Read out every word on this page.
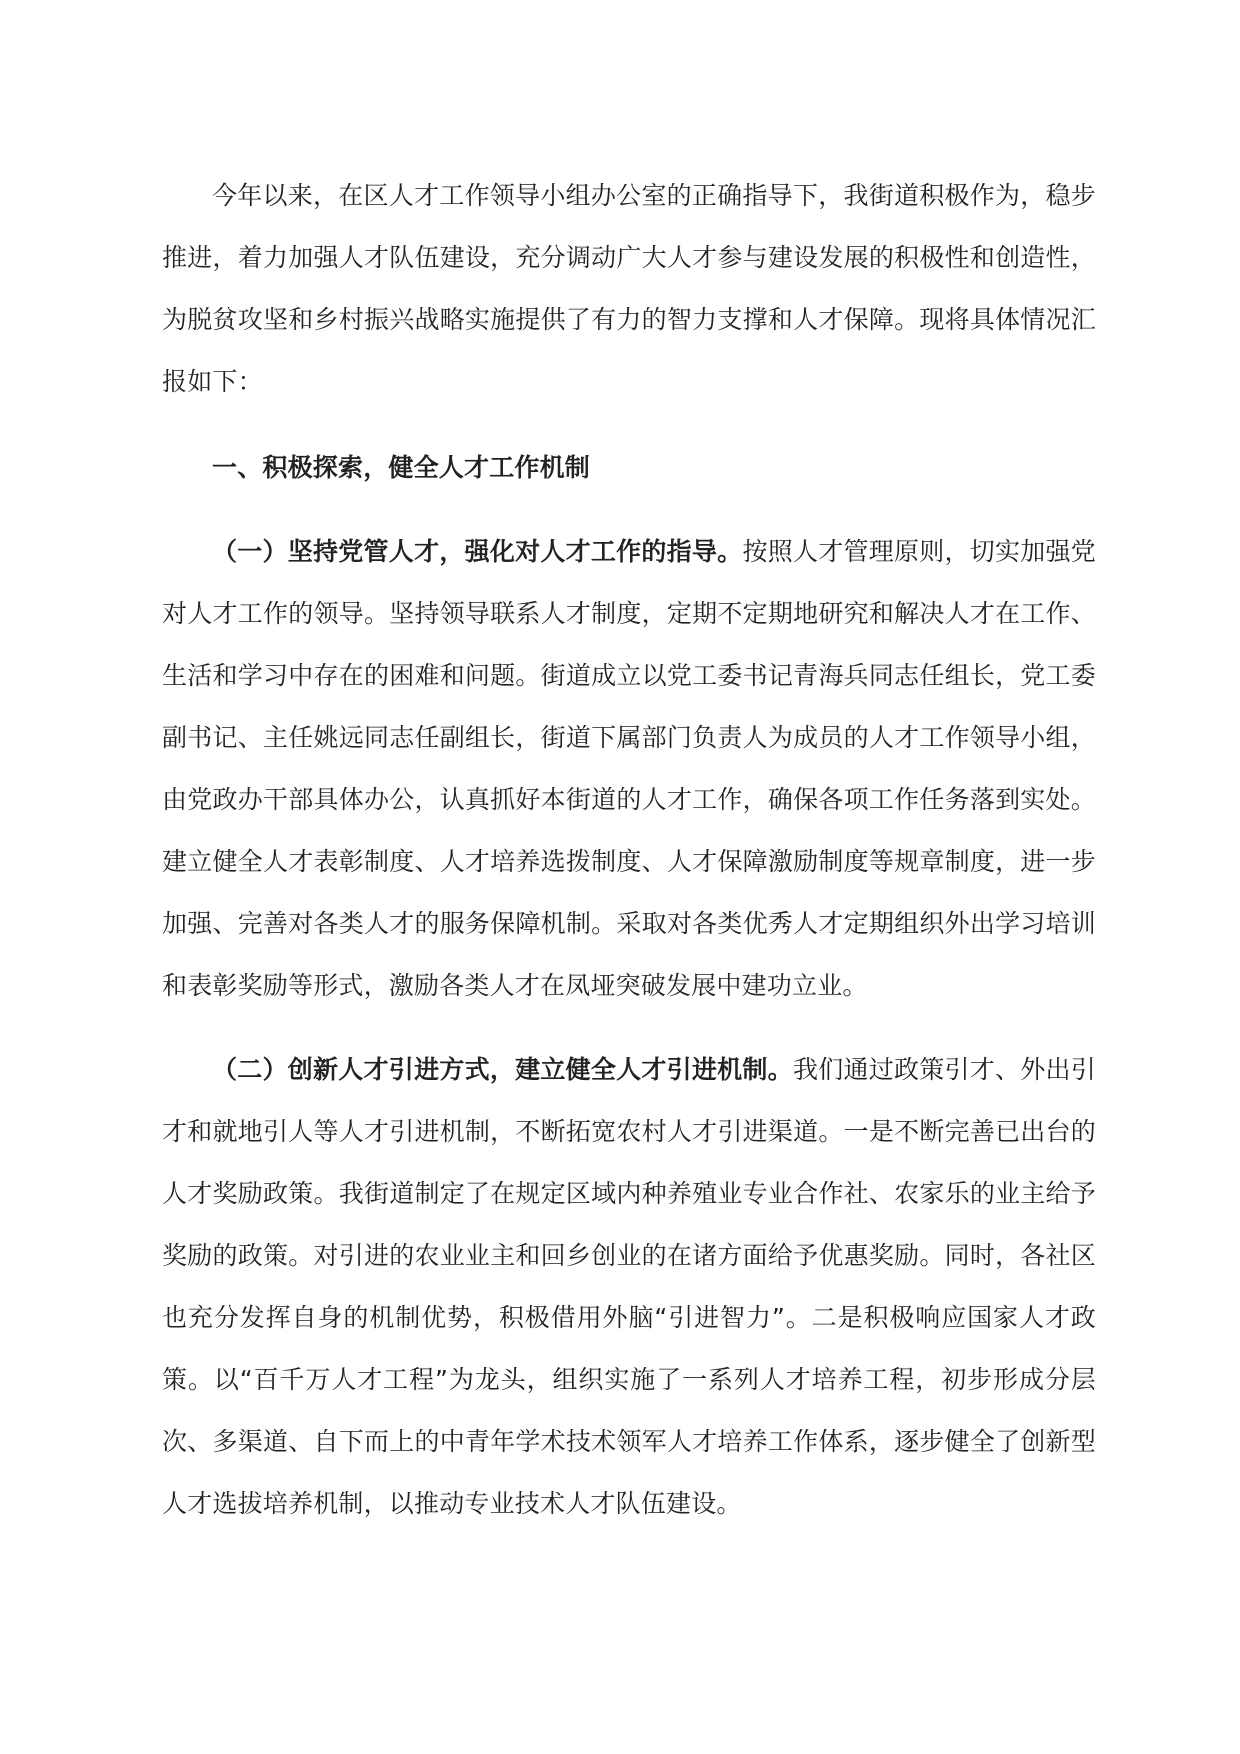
今年以来，在区人才工作领导小组办公室的正确指导下，我街道积极作为，稳步推进，着力加强人才队伍建设，充分调动广大人才参与建设发展的积极性和创造性，为脱贫攻坚和乡村振兴战略实施提供了有力的智力支撑和人才保障。现将具体情况汇报如下：

一、积极探索，健全人才工作机制

（一）坚持党管人才，强化对人才工作的指导。按照人才管理原则，切实加强党对人才工作的领导。坚持领导联系人才制度，定期不定期地研究和解决人才在工作、生活和学习中存在的困难和问题。街道成立以党工委书记青海兵同志任组长，党工委副书记、主任姚远同志任副组长，街道下属部门负责人为成员的人才工作领导小组，由党政办干部具体办公，认真抓好本街道的人才工作，确保各项工作任务落到实处。建立健全人才表彰制度、人才培养选拨制度、人才保障激励制度等规章制度，进一步加强、完善对各类人才的服务保障机制。采取对各类优秀人才定期组织外出学习培训和表彰奖励等形式，激励各类人才在凤垭突破发展中建功立业。

（二）创新人才引进方式，建立健全人才引进机制。我们通过政策引才、外出引才和就地引人等人才引进机制，不断拓宽农村人才引进渠道。一是不断完善已出台的人才奖励政策。我街道制定了在规定区域内种养殖业专业合作社、农家乐的业主给予奖励的政策。对引进的农业业主和回乡创业的在诸方面给予优惠奖励。同时，各社区也充分发挥自身的机制优势，积极借用外脑“引进智力”。二是积极响应国家人才政策。以“百千万人才工程”为龙头，组织实施了一系列人才培养工程，初步形成分层次、多渠道、自下而上的中青年学术技术领军人才培养工作体系，逐步健全了创新型人才选拔培养机制，以推动专业技术人才队伍建设。
